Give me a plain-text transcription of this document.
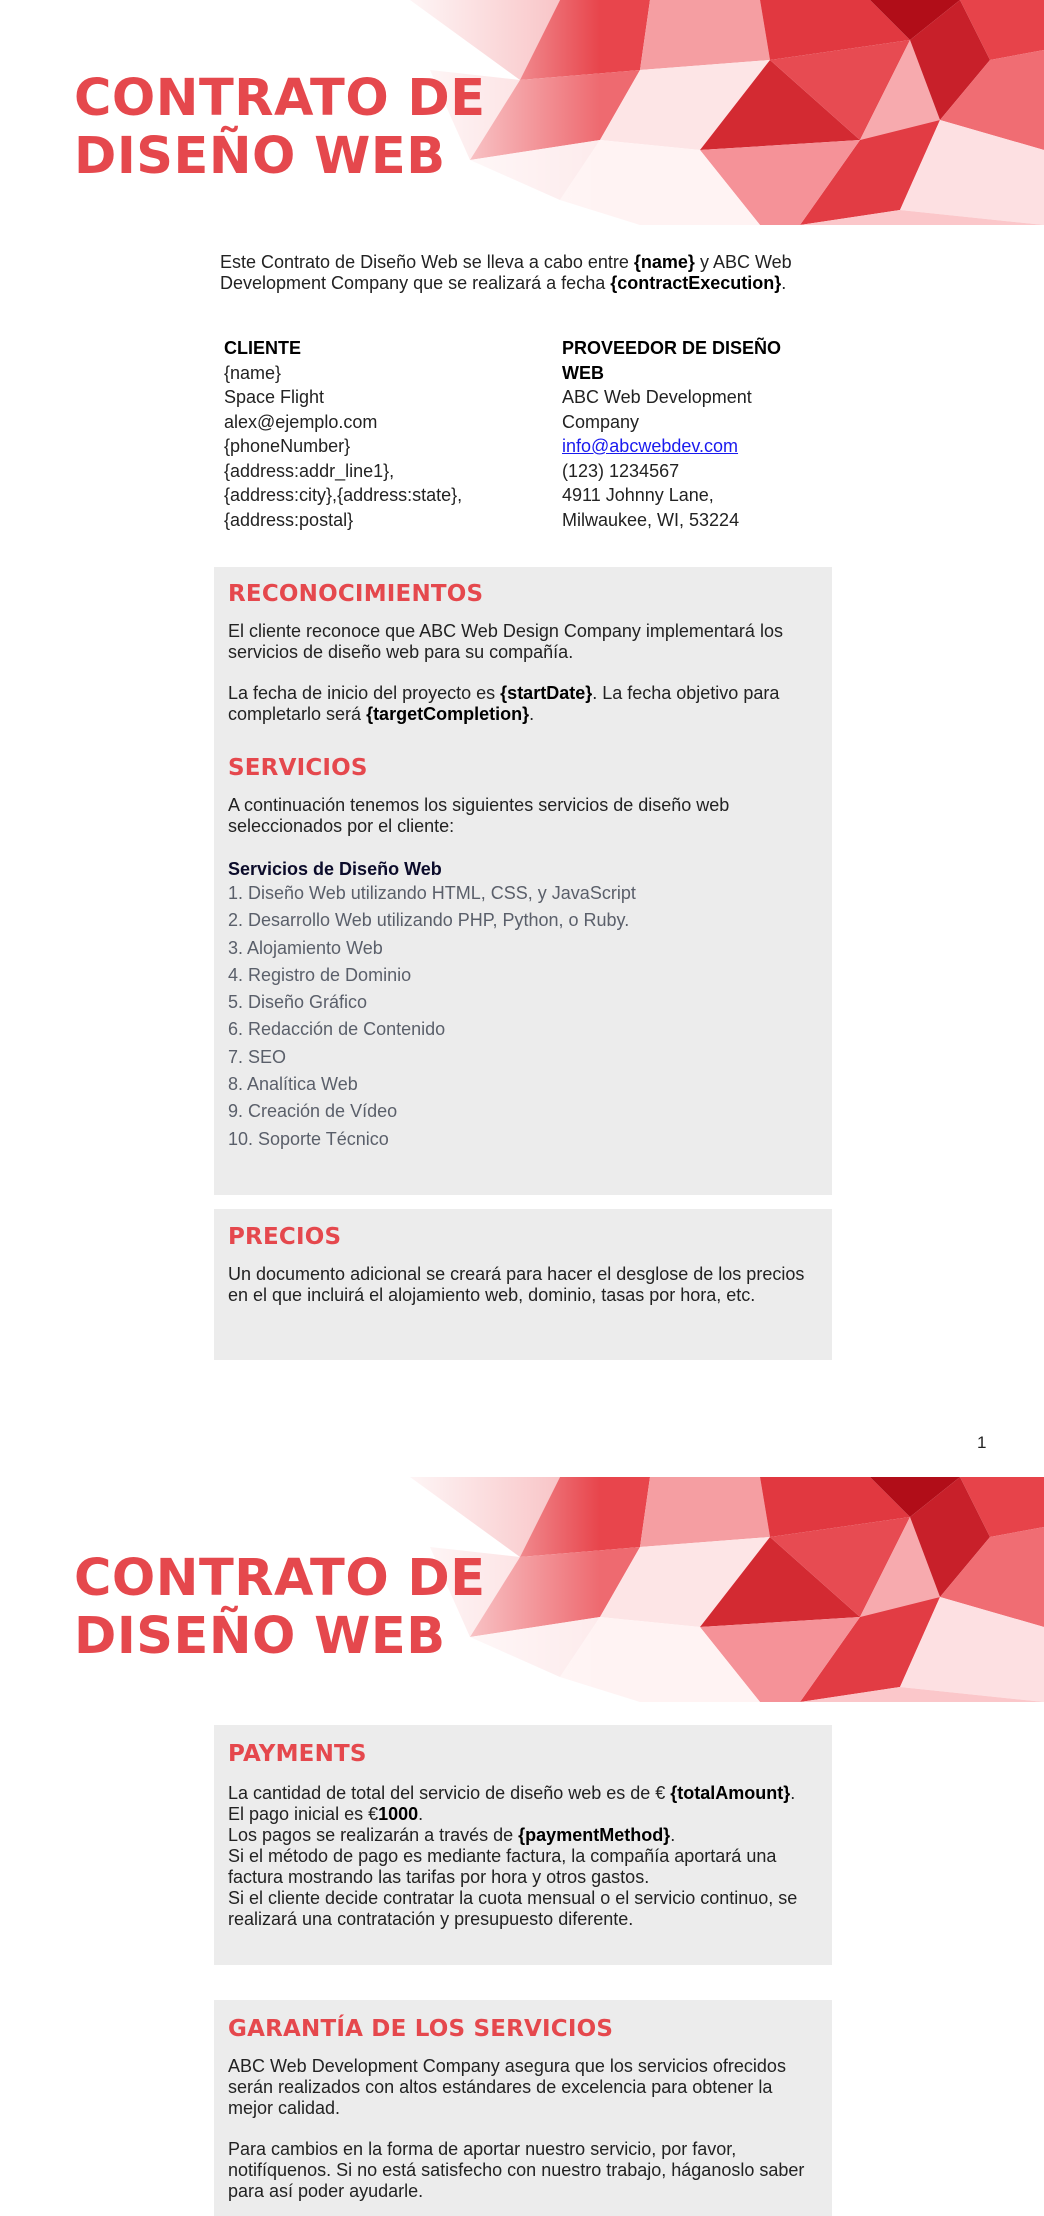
CONTRATO DE
DISEÑO WEB
Este Contrato de Diseño Web se lleva a cabo entre {name} y ABC Web Development Company que se realizará a fecha {contractExecution}.
CLIENTE
{name}
Space Flight
alex@ejemplo.com
{phoneNumber}
{address:addr_line1},
{address:city},{address:state},
{address:postal}
PROVEEDOR DE DISEÑO
WEB
ABC Web Development
Company
info@abcwebdev.com
(123) 1234567
4911 Johnny Lane,
Milwaukee, WI, 53224
RECONOCIMIENTOS

El cliente reconoce que ABC Web Design Company implementará los servicios de diseño web para su compañía.

La fecha de inicio del proyecto es {startDate}. La fecha objetivo para completarlo será {targetCompletion}.

SERVICIOS

A continuación tenemos los siguientes servicios de diseño web seleccionados por el cliente:

Servicios de Diseño Web
1. Diseño Web utilizando HTML, CSS, y JavaScript
2. Desarrollo Web utilizando PHP, Python, o Ruby.
3. Alojamiento Web
4. Registro de Dominio
5. Diseño Gráfico
6. Redacción de Contenido
7. SEO
8. Analítica Web
9. Creación de Vídeo
10. Soporte Técnico
PRECIOS

Un documento adicional se creará para hacer el desglose de los precios en el que incluirá el alojamiento web, dominio, tasas por hora, etc.

1
CONTRATO DE
DISEÑO WEB
PAYMENTS

La cantidad de total del servicio de diseño web es de € {totalAmount}.
El pago inicial es €1000.
Los pagos se realizarán a través de {paymentMethod}.
Si el método de pago es mediante factura, la compañía aportará una factura mostrando las tarifas por hora y otros gastos.
Si el cliente decide contratar la cuota mensual o el servicio continuo, se realizará una contratación y presupuesto diferente.

GARANTÍA DE LOS SERVICIOS

ABC Web Development Company asegura que los servicios ofrecidos serán realizados con altos estándares de excelencia para obtener la mejor calidad.

Para cambios en la forma de aportar nuestro servicio, por favor, notifíquenos. Si no está satisfecho con nuestro trabajo, háganoslo saber para así poder ayudarle.
